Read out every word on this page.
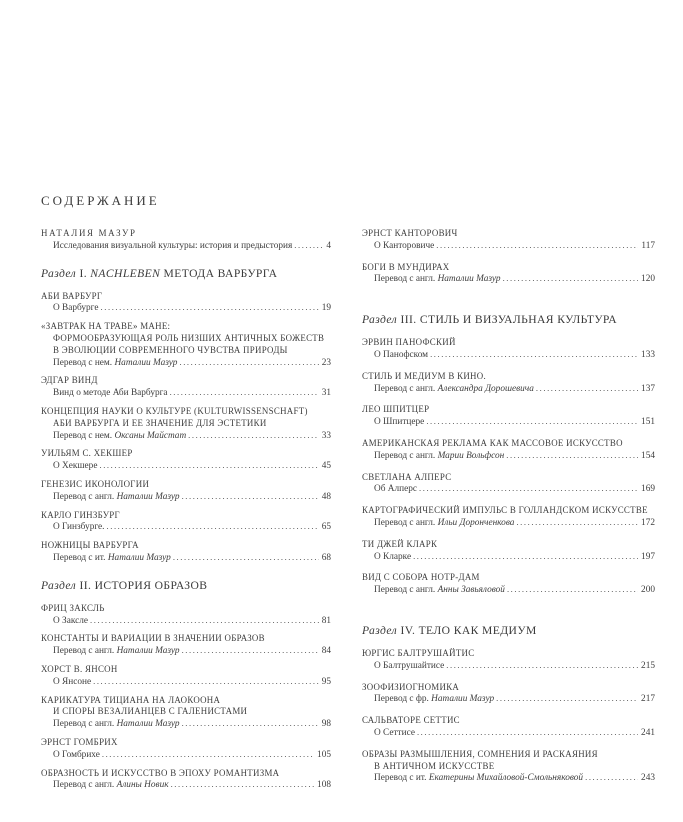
СОДЕРЖАНИЕ
НАТАЛИЯ МАЗУР
Исследования визуальной культуры: история и предыстория .....	4
Раздел I. NACHLEBEN МЕТОДА ВАРБУРГА
АБИ ВАРБУРГ
О Варбурге .....	19
«ЗАВТРАК НА ТРАВЕ» МАНЕ:
ФОРМООБРАЗУЮЩАЯ РОЛЬ НИЗШИХ АНТИЧНЫХ БОЖЕСТВ
В ЭВОЛЮЦИИ СОВРЕМЕННОГО ЧУВСТВА ПРИРОДЫ
Перевод с нем. Наталии Мазур .....	23
ЭДГАР ВИНД
Винд о методе Аби Варбурга .....	31
КОНЦЕПЦИЯ НАУКИ О КУЛЬТУРЕ (KULTURWISSENSCHAFT)
АБИ ВАРБУРГА И ЕЕ ЗНАЧЕНИЕ ДЛЯ ЭСТЕТИКИ
Перевод с нем. Оксаны Майстат .....	33
УИЛЬЯМ С. ХЕКШЕР
О Хекшере .....	45
ГЕНЕЗИС ИКОНОЛОГИИ
Перевод с англ. Наталии Мазур .....	48
КАРЛО ГИНЗБУРГ
О Гинзбурге. .....	65
НОЖНИЦЫ ВАРБУРГА
Перевод с ит. Наталии Мазур .....	68
Раздел II. ИСТОРИЯ ОБРАЗОВ
ФРИЦ ЗАКСЛЬ
О Заксле .....	81
КОНСТАНТЫ И ВАРИАЦИИ В ЗНАЧЕНИИ ОБРАЗОВ
Перевод с англ. Наталии Мазур .....	84
ХОРСТ В. ЯНСОН
О Янсоне .....	95
КАРИКАТУРА ТИЦИАНА НА ЛАОКООНА
И СПОРЫ ВЕЗАЛИАНЦЕВ С ГАЛЕНИСТАМИ
Перевод с англ. Наталии Мазур .....	98
ЭРНСТ ГОМБРИХ
О Гомбрихе .....	105
ОБРАЗНОСТЬ И ИСКУССТВО В ЭПОХУ РОМАНТИЗМА
Перевод с англ. Алины Новик .....	108
ЭРНСТ КАНТОРОВИЧ
О Канторовиче .....	117
БОГИ В МУНДИРАХ
Перевод с англ. Наталии Мазур .....	120
Раздел III. СТИЛЬ И ВИЗУАЛЬНАЯ КУЛЬТУРА
ЭРВИН ПАНОФСКИЙ
О Панофском .....	133
СТИЛЬ И МЕДИУМ В КИНО.
Перевод с англ. Александра Дорошевича .....	137
ЛЕО ШПИТЦЕР
О Шпитцере .....	151
АМЕРИКАНСКАЯ РЕКЛАМА КАК МАССОВОЕ ИСКУССТВО
Перевод с англ. Марии Вольфсон .....	154
СВЕТЛАНА АЛПЕРС
Об Алперс .....	169
КАРТОГРАФИЧЕСКИЙ ИМПУЛЬС В ГОЛЛАНДСКОМ ИСКУССТВЕ
Перевод с англ. Ильи Доронченкова .....	172
ТИ ДЖЕЙ КЛАРК
О Кларке .....	197
ВИД С СОБОРА НОТР-ДАМ
Перевод с англ. Анны Завьяловой .....	200
Раздел IV. ТЕЛО КАК МЕДИУМ
ЮРГИС БАЛТРУШАЙТИС
О Балтрушайтисе .....	215
ЗООФИЗИОГНОМИКА
Перевод с фр. Наталии Мазур .....	217
САЛЬВАТОРЕ СЕТТИС
О Сеттисе .....	241
ОБРАЗЫ РАЗМЫШЛЕНИЯ, СОМНЕНИЯ И РАСКАЯНИЯ
В АНТИЧНОМ ИСКУССТВЕ
Перевод с ит. Екатерины Михайловой-Смольняковой .....	243
